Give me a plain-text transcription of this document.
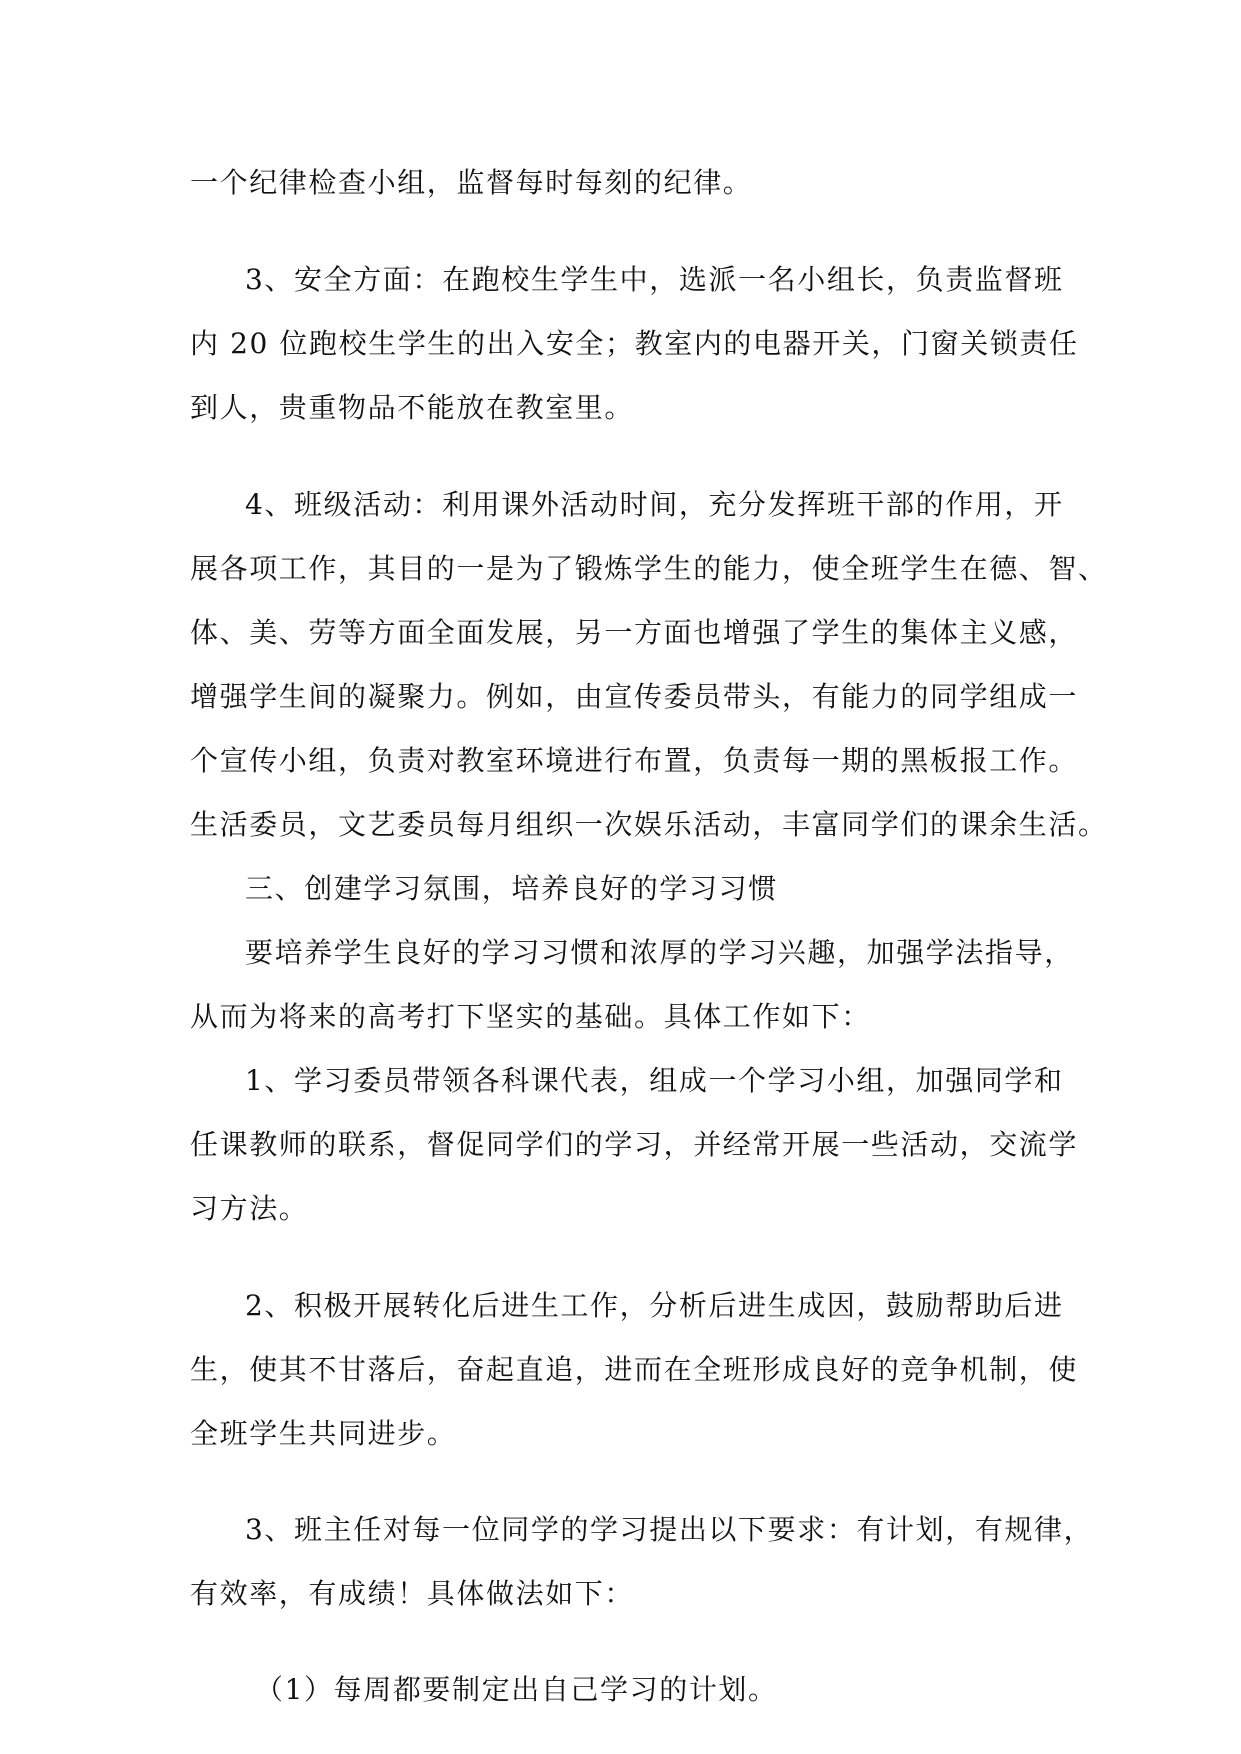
一个纪律检查小组，监督每时每刻的纪律。
3、安全方面：在跑校生学生中，选派一名小组长，负责监督班
内 20 位跑校生学生的出入安全；教室内的电器开关，门窗关锁责任
到人，贵重物品不能放在教室里。
4、班级活动：利用课外活动时间，充分发挥班干部的作用，开
展各项工作，其目的一是为了锻炼学生的能力，使全班学生在德、智、
体、美、劳等方面全面发展，另一方面也增强了学生的集体主义感，
增强学生间的凝聚力。例如，由宣传委员带头，有能力的同学组成一
个宣传小组，负责对教室环境进行布置，负责每一期的黑板报工作。
生活委员，文艺委员每月组织一次娱乐活动，丰富同学们的课余生活。
三、创建学习氛围，培养良好的学习习惯
要培养学生良好的学习习惯和浓厚的学习兴趣，加强学法指导，
从而为将来的高考打下坚实的基础。具体工作如下：
1、学习委员带领各科课代表，组成一个学习小组，加强同学和
任课教师的联系，督促同学们的学习，并经常开展一些活动，交流学
习方法。
2、积极开展转化后进生工作，分析后进生成因，鼓励帮助后进
生，使其不甘落后，奋起直追，进而在全班形成良好的竞争机制，使
全班学生共同进步。
3、班主任对每一位同学的学习提出以下要求：有计划，有规律，
有效率，有成绩！具体做法如下：
（1）每周都要制定出自己学习的计划。
